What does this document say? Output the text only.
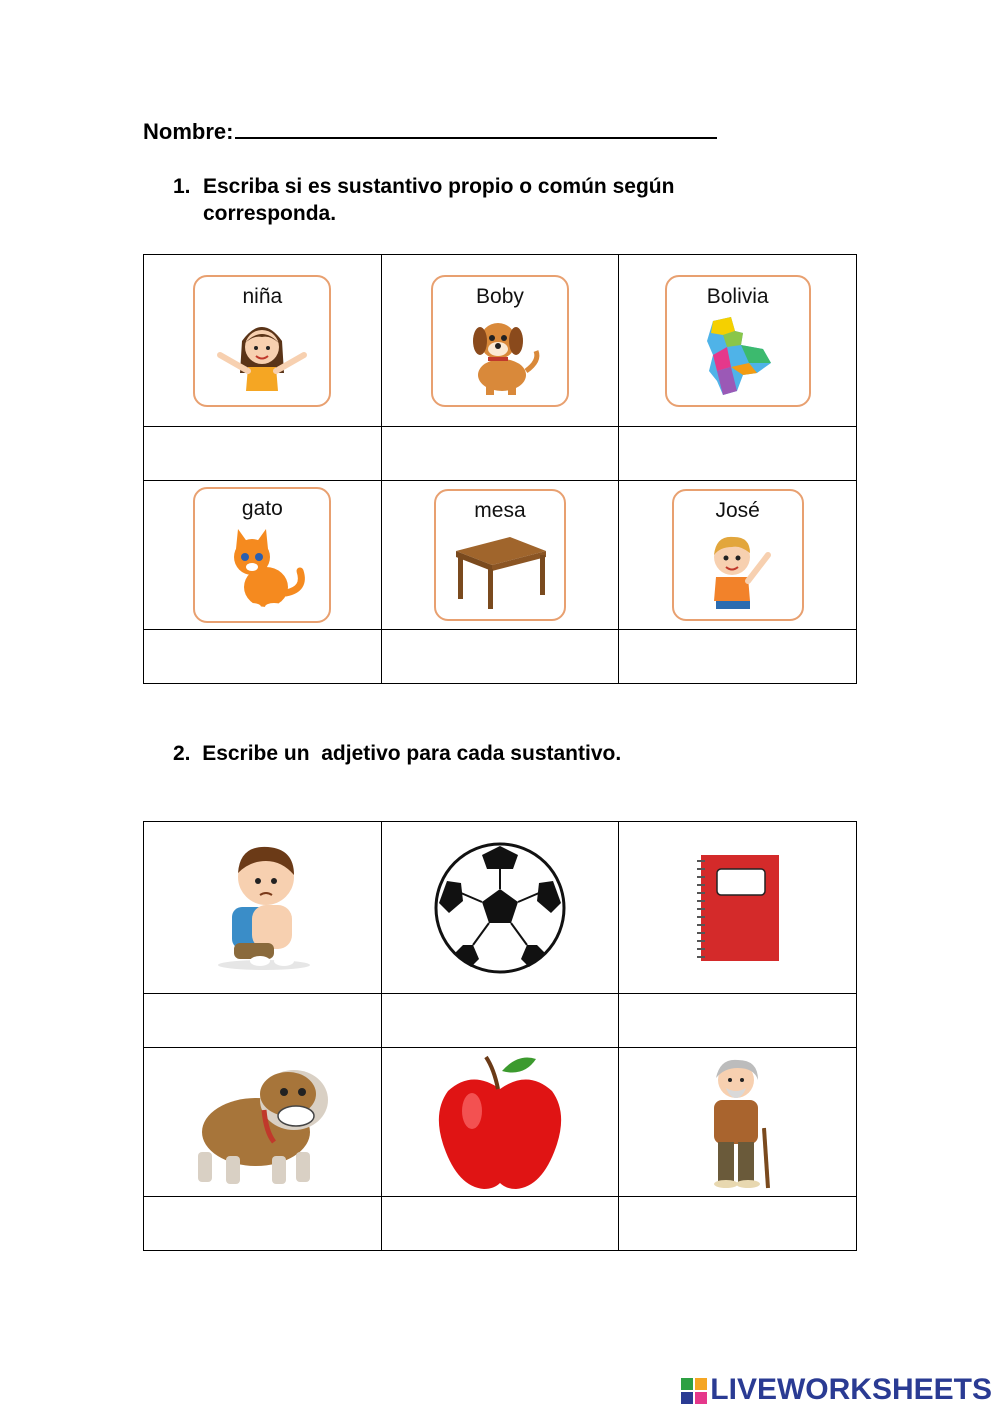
Nombre:
1. Escriba si es sustantivo propio o común según corresponda.
niña	Boby	Bolivia

gato	mesa	José

2. Escribe un  adjetivo para cada sustantivo.

LIVEWORKSHEETS
